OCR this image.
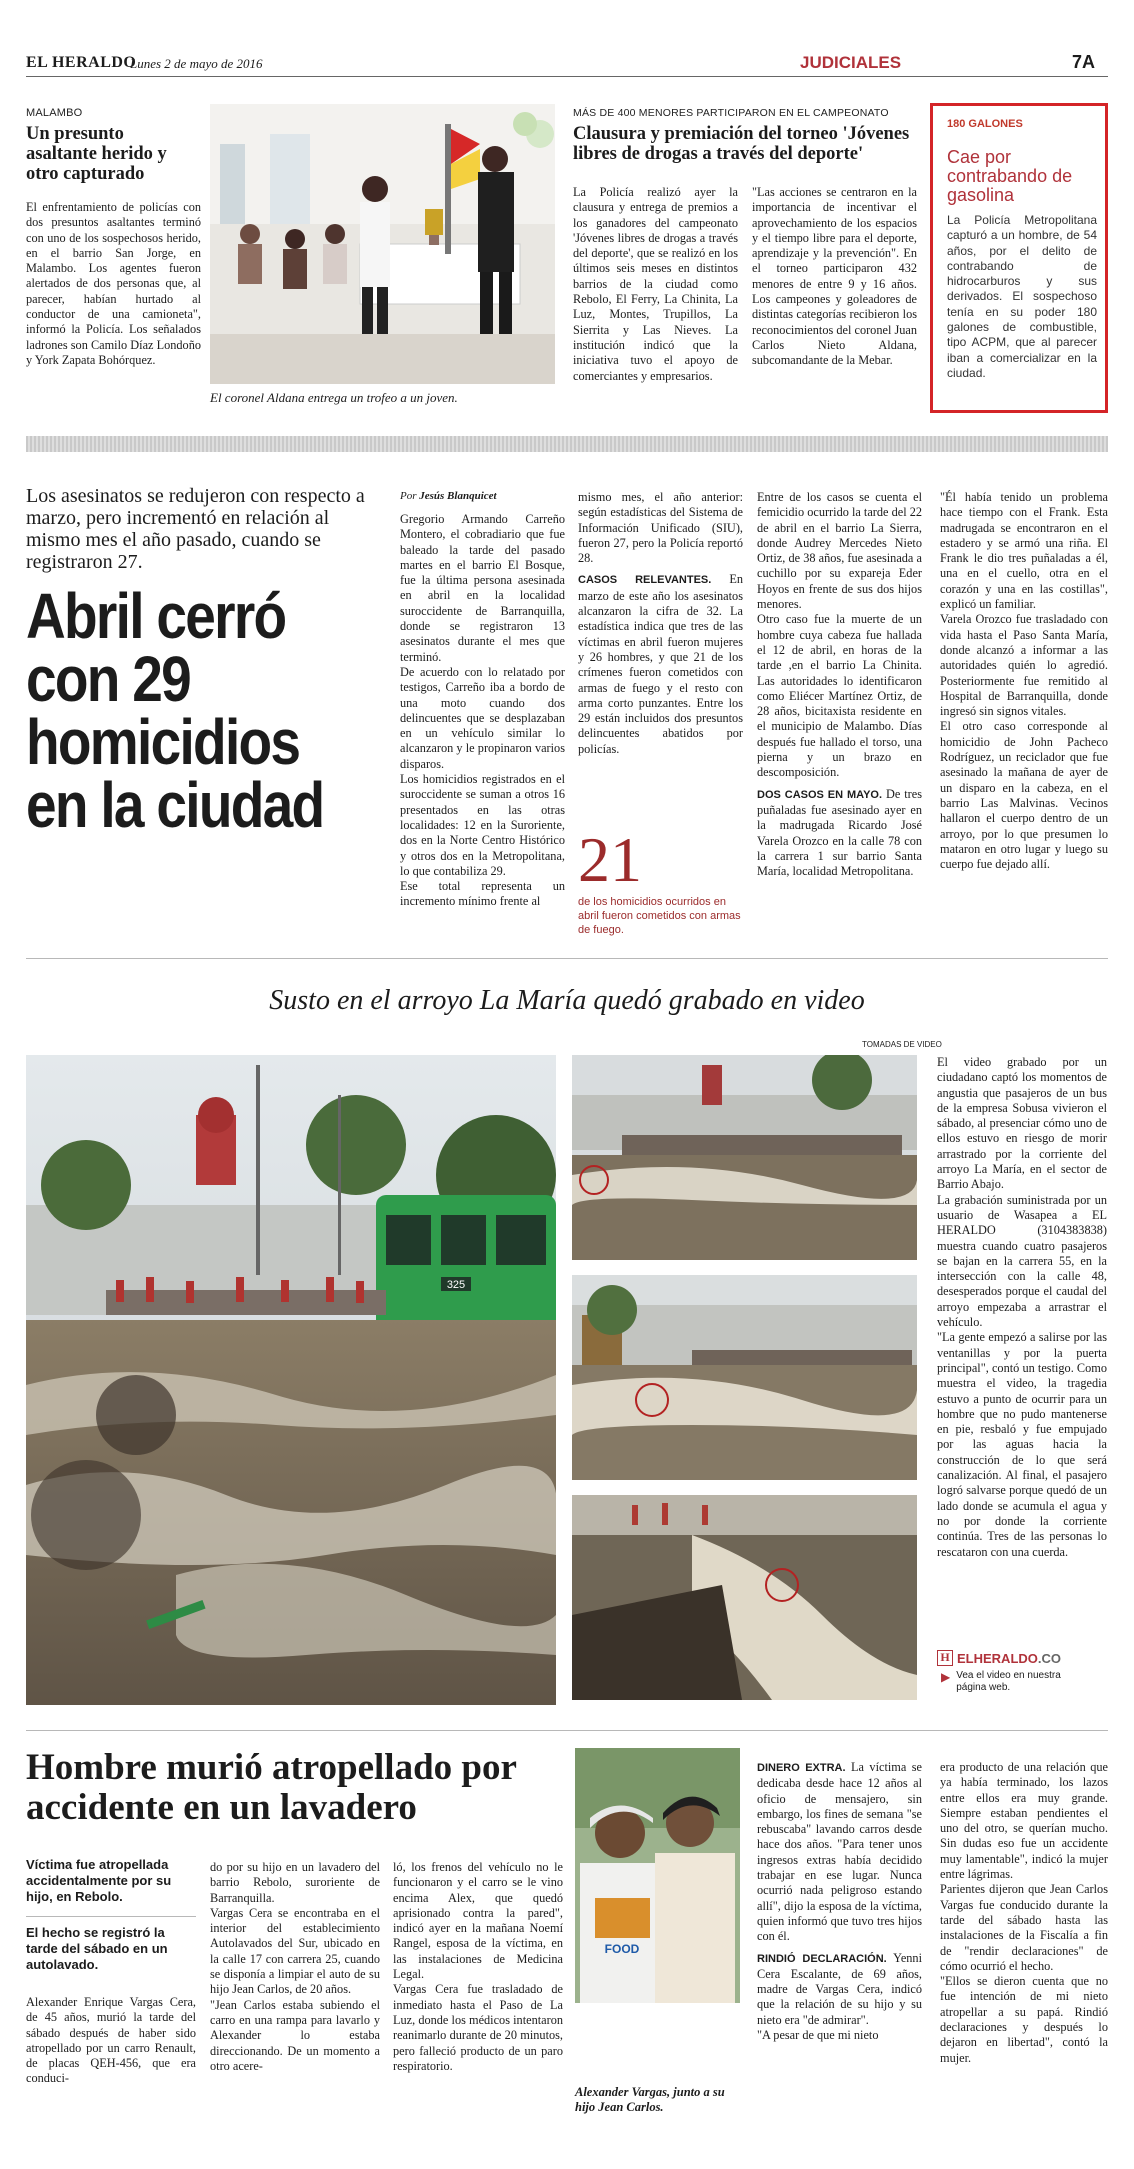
EL HERALDO
Lunes 2 de mayo de 2016	JUDICIALES	7A
MALAMBO
Un presunto asaltante herido y otro capturado
El enfrentamiento de policías con dos presuntos asaltantes terminó con uno de los sospechosos herido, en el barrio San Jorge, en Malambo. Los agentes fueron alertados de dos personas que, al parecer, habían hurtado al conductor de una camioneta", informó la Policía. Los señalados ladrones son Camilo Díaz Londoño y York Zapata Bohórquez.
El coronel Aldana entrega un trofeo a un joven.
MÁS DE 400 MENORES PARTICIPARON EN EL CAMPEONATO
Clausura y premiación del torneo 'Jóvenes libres de drogas a través del deporte'
La Policía realizó ayer la clausura y entrega de premios a los ganadores del campeonato 'Jóvenes libres de drogas a través del deporte', que se realizó en los últimos seis meses en distintos barrios de la ciudad como Rebolo, El Ferry, La Chinita, La Luz, Montes, Trupillos, La Sierrita y Las Nieves. La institución indicó que la iniciativa tuvo el apoyo de comerciantes y empresarios.
"Las acciones se centraron en la importancia de incentivar el aprovechamiento de los espacios y el tiempo libre para el deporte, aprendizaje y la prevención". En el torneo participaron 432 menores de entre 9 y 16 años. Los campeones y goleadores de distintas categorías recibieron los reconocimientos del coronel Juan Carlos Nieto Aldana, subcomandante de la Mebar.
180 GALONES
Cae por contrabando de gasolina
La Policía Metropolitana capturó a un hombre, de 54 años, por el delito de contrabando de hidrocarburos y sus derivados. El sospechoso tenía en su poder 180 galones de combustible, tipo ACPM, que al parecer iban a comercializar en la ciudad.
Los asesinatos se redujeron con respecto a marzo, pero incrementó en relación al mismo mes el año pasado, cuando se registraron 27.
Abril cerró con 29 homicidios en la ciudad
Por Jesús Blanquicet
Gregorio Armando Carreño Montero, el cobradiario que fue baleado la tarde del pasado martes en el barrio El Bosque, fue la última persona asesinada en abril en la localidad suroccidente de Barranquilla, donde se registraron 13 asesinatos durante el mes que terminó.
De acuerdo con lo relatado por testigos, Carreño iba a bordo de una moto cuando dos delincuentes que se desplazaban en un vehículo similar lo alcanzaron y le propinaron varios disparos.
Los homicidios registrados en el suroccidente se suman a otros 16 presentados en las otras localidades: 12 en la Suroriente, dos en la Norte Centro Histórico y otros dos en la Metropolitana, lo que contabiliza 29.
Ese total representa un incremento mínimo frente al
mismo mes, el año anterior: según estadísticas del Sistema de Información Unificado (SIU), fueron 27, pero la Policía reportó 28.
CASOS RELEVANTES. En marzo de este año los asesinatos alcanzaron la cifra de 32. La estadística indica que tres de las víctimas en abril fueron mujeres y 26 hombres, y que 21 de los crímenes fueron cometidos con armas de fuego y el resto con arma corto punzantes. Entre los 29 están incluidos dos presuntos delincuentes abatidos por policías.
21
de los homicidios ocurridos en abril fueron cometidos con armas de fuego.
Entre de los casos se cuenta el femicidio ocurrido la tarde del 22 de abril en el barrio La Sierra, donde Audrey Mercedes Nieto Ortiz, de 38 años, fue asesinada a cuchillo por su expareja Eder Hoyos en frente de sus dos hijos menores.
Otro caso fue la muerte de un hombre cuya cabeza fue hallada el 12 de abril, en horas de la tarde ,en el barrio La Chinita. Las autoridades lo identificaron como Eliécer Martínez Ortiz, de 28 años, bicitaxista residente en el municipio de Malambo. Días después fue hallado el torso, una pierna y un brazo en descomposición.
DOS CASOS EN MAYO. De tres puñaladas fue asesinado ayer en la madrugada Ricardo José Varela Orozco en la calle 78 con la carrera 1 sur barrio Santa María, localidad Metropolitana.
"Él había tenido un problema hace tiempo con el Frank. Esta madrugada se encontraron en el estadero y se armó una riña. El Frank le dio tres puñaladas a él, una en el cuello, otra en el corazón y una en las costillas", explicó un familiar.
Varela Orozco fue trasladado con vida hasta el Paso Santa María, donde alcanzó a informar a las autoridades quién lo agredió. Posteriormente fue remitido al Hospital de Barranquilla, donde ingresó sin signos vitales.
El otro caso corresponde al homicidio de John Pacheco Rodríguez, un reciclador que fue asesinado la mañana de ayer de un disparo en la cabeza, en el barrio Las Malvinas. Vecinos hallaron el cuerpo dentro de un arroyo, por lo que presumen lo mataron en otro lugar y luego su cuerpo fue dejado allí.
Susto en el arroyo La María quedó grabado en video
TOMADAS DE VIDEO
325
El video grabado por un ciudadano captó los momentos de angustia que pasajeros de un bus de la empresa Sobusa vivieron el sábado, al presenciar cómo uno de ellos estuvo en riesgo de morir arrastrado por la corriente del arroyo La María, en el sector de Barrio Abajo.
La grabación suministrada por un usuario de Wasapea a EL HERALDO (3104383838) muestra cuando cuatro pasajeros se bajan en la carrera 55, en la intersección con la calle 48, desesperados porque el caudal del arroyo empezaba a arrastrar el vehículo.
"La gente empezó a salirse por las ventanillas y por la puerta principal", contó un testigo. Como muestra el video, la tragedia estuvo a punto de ocurrir para un hombre que no pudo mantenerse en pie, resbaló y fue empujado por las aguas hacia la construcción de lo que será canalización. Al final, el pasajero logró salvarse porque quedó de un lado donde se acumula el agua y no por donde la corriente continúa. Tres de las personas lo rescataron con una cuerda.
H ELHERALDO .CO
▶ Vea el video en nuestra página web.
Hombre murió atropellado por accidente en un lavadero
Víctima fue atropellada accidentalmente por su hijo, en Rebolo.
El hecho se registró la tarde del sábado en un autolavado.
Alexander Enrique Vargas Cera, de 45 años, murió la tarde del sábado después de haber sido atropellado por un carro Renault, de placas QEH-456, que era conduci-
do por su hijo en un lavadero del barrio Rebolo, suroriente de Barranquilla.
Vargas Cera se encontraba en el interior del establecimiento Autolavados del Sur, ubicado en la calle 17 con carrera 25, cuando se disponía a limpiar el auto de su hijo Jean Carlos, de 20 años.
"Jean Carlos estaba subiendo el carro en una rampa para lavarlo y Alexander lo estaba direccionando. De un momento a otro acere-
ló, los frenos del vehículo no le funcionaron y el carro se le vino encima Alex, que quedó aprisionado contra la pared", indicó ayer en la mañana Noemí Rangel, esposa de la víctima, en las instalaciones de Medicina Legal.
Vargas Cera fue trasladado de inmediato hasta el Paso de La Luz, donde los médicos intentaron reanimarlo durante de 20 minutos, pero falleció producto de un paro respiratorio.
FOOD
Alexander Vargas, junto a su hijo Jean Carlos.
DINERO EXTRA. La víctima se dedicaba desde hace 12 años al oficio de mensajero, sin embargo, los fines de semana "se rebuscaba" lavando carros desde hace dos años. "Para tener unos ingresos extras había decidido trabajar en ese lugar. Nunca ocurrió nada peligroso estando allí", dijo la esposa de la víctima, quien informó que tuvo tres hijos con él.
RINDIÓ DECLARACIÓN. Yenni Cera Escalante, de 69 años, madre de Vargas Cera, indicó que la relación de su hijo y su nieto era "de admirar".
"A pesar de que mi nieto
era producto de una relación que ya había terminado, los lazos entre ellos era muy grande. Siempre estaban pendientes el uno del otro, se querían mucho. Sin dudas eso fue un accidente muy lamentable", indicó la mujer entre lágrimas.
Parientes dijeron que Jean Carlos Vargas fue conducido durante la tarde del sábado hasta las instalaciones de la Fiscalía a fin de "rendir declaraciones" de cómo ocurrió el hecho.
"Ellos se dieron cuenta que no fue intención de mi nieto atropellar a su papá. Rindió declaraciones y después lo dejaron en libertad", contó la mujer.
